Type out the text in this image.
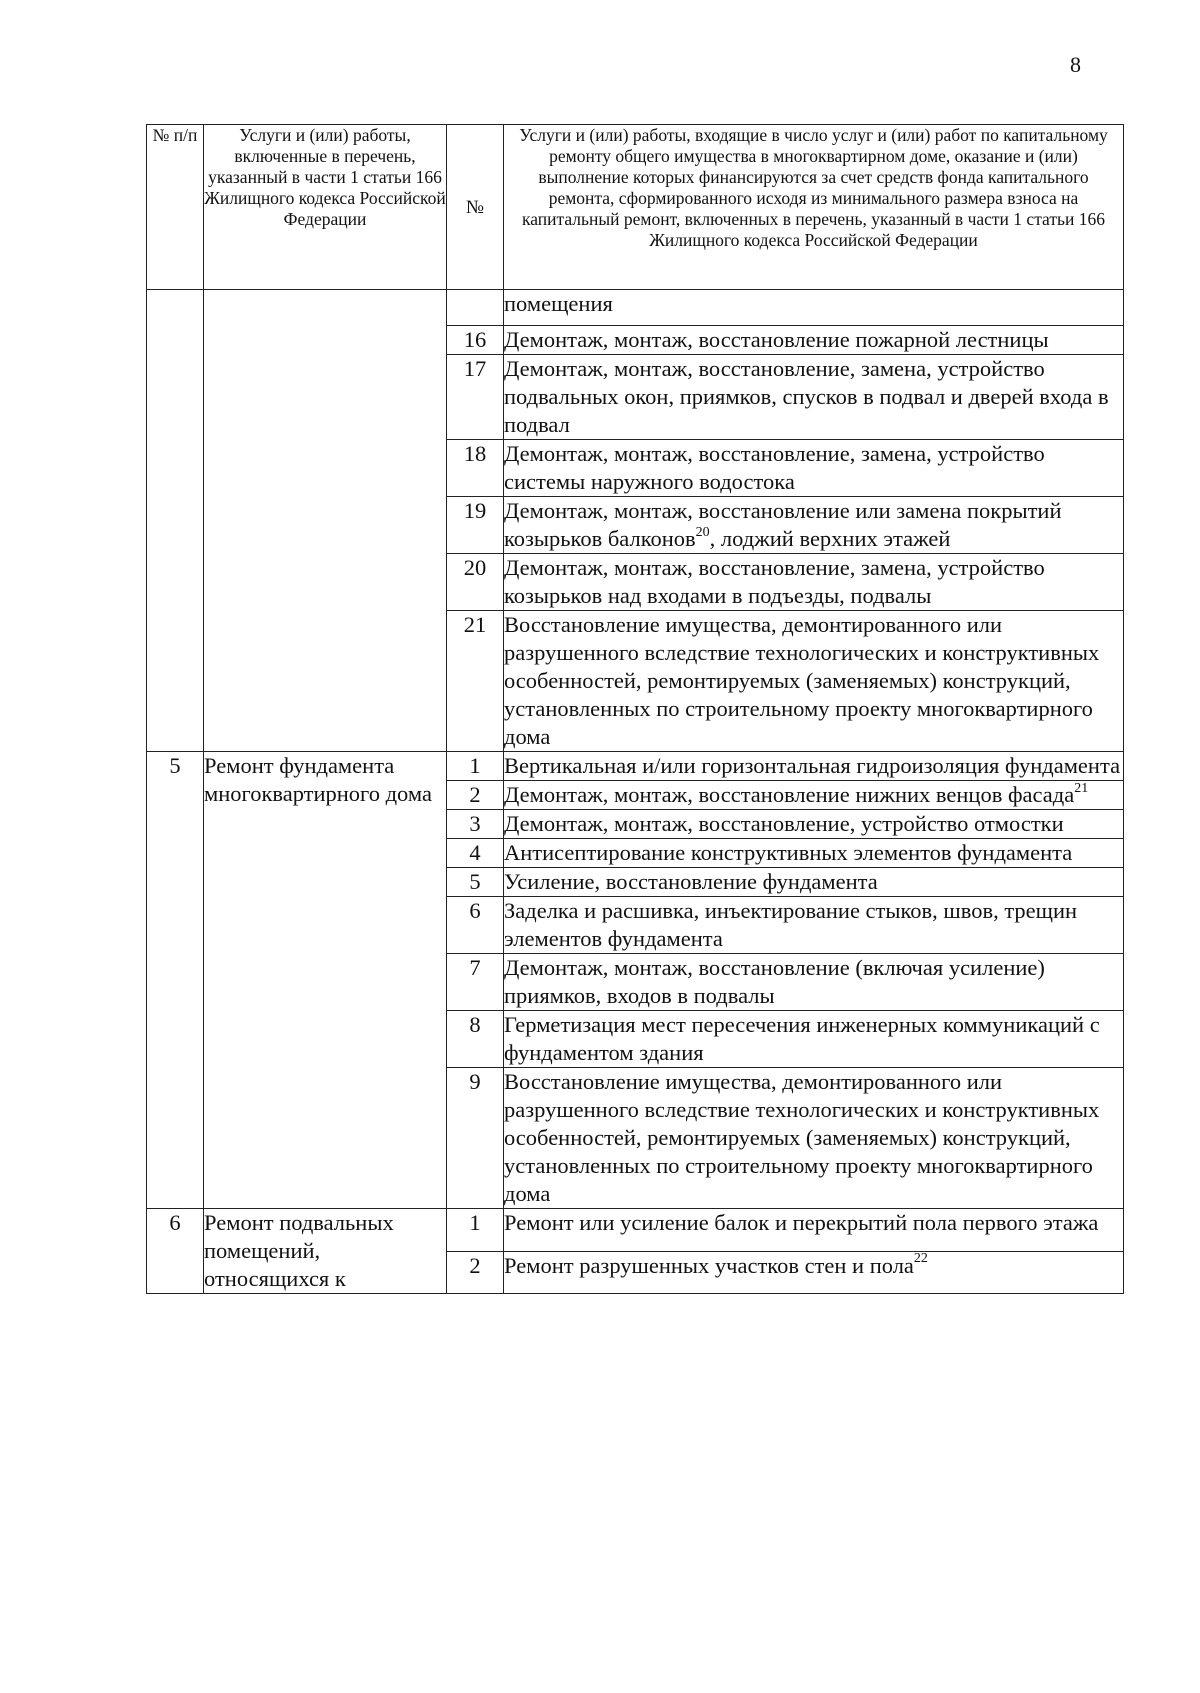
8
№ п/п	Услуги и (или) работы, включенные в перечень, указанный в части 1 статьи 166 Жилищного кодекса Российской Федерации	№	Услуги и (или) работы, входящие в число услуг и (или) работ по капитальному ремонту общего имущества в многоквартирном доме, оказание и (или) выполнение которых финансируются за счет средств фонда капитального ремонта, сформированного исходя из минимального размера взноса на капитальный ремонт, включенных в перечень, указанный в части 1 статьи 166 Жилищного кодекса Российской Федерации
			помещения
		16	Демонтаж, монтаж, восстановление пожарной лестницы
		17	Демонтаж, монтаж, восстановление, замена, устройство подвальных окон, приямков, спусков в подвал и дверей входа в подвал
		18	Демонтаж, монтаж, восстановление, замена, устройство системы наружного водостока
		19	Демонтаж, монтаж, восстановление или замена покрытий козырьков балконов$^{20}$, лоджий верхних этажей
		20	Демонтаж, монтаж, восстановление, замена, устройство козырьков над входами в подъезды, подвалы
		21	Восстановление имущества, демонтированного или разрушенного вследствие технологических и конструктивных особенностей, ремонтируемых (заменяемых) конструкций, установленных по строительному проекту многоквартирного дома
5	Ремонт фундамента многоквартирного дома	1	Вертикальная и/или горизонтальная гидроизоляция фундамента
		2	Демонтаж, монтаж, восстановление нижних венцов фасада$^{21}$
		3	Демонтаж, монтаж, восстановление, устройство отмостки
		4	Антисептирование конструктивных элементов фундамента
		5	Усиление, восстановление фундамента
		6	Заделка и расшивка, инъектирование стыков, швов, трещин элементов фундамента
		7	Демонтаж, монтаж, восстановление (включая усиление) приямков, входов в подвалы
		8	Герметизация мест пересечения инженерных коммуникаций с фундаментом здания
		9	Восстановление имущества, демонтированного или разрушенного вследствие технологических и конструктивных особенностей, ремонтируемых (заменяемых) конструкций, установленных по строительному проекту многоквартирного дома
6	Ремонт подвальных помещений, относящихся к	1	Ремонт или усиление балок и перекрытий пола первого этажа
		2	Ремонт разрушенных участков стен и пола$^{22}$
